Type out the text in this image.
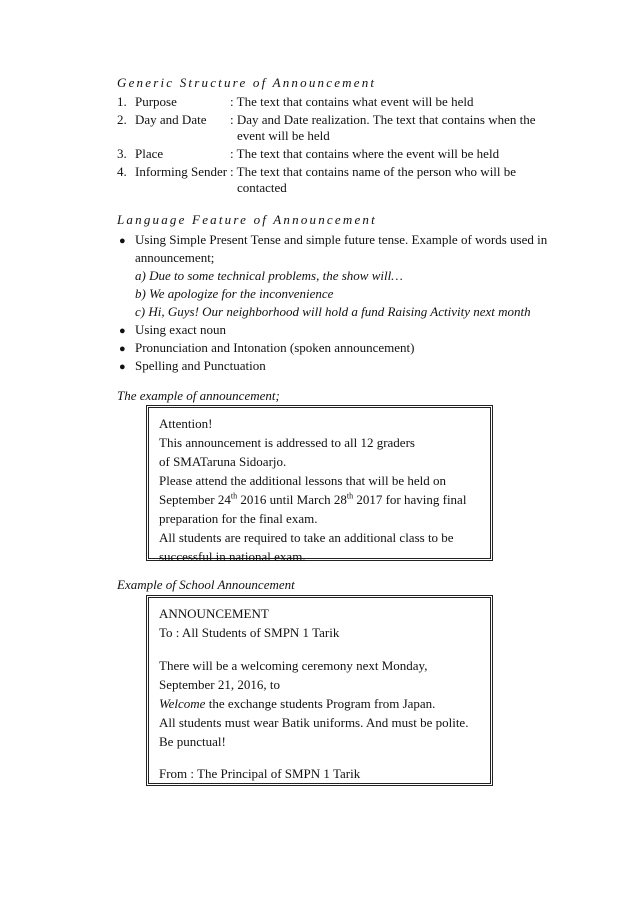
Generic Structure of Announcement
1. Purpose	: The text that contains what event will be held
2. Day and Date : Day and Date realization. The text that contains when the
event will be held
3. Place	: The text that contains where the event will be held
4. Informing Sender : The text that contains name of the person who will be
contacted
Language Feature of Announcement
● Using Simple Present Tense and simple future tense. Example of words used in
announcement;
a) Due to some technical problems, the show will…
b) We apologize for the inconvenience
c) Hi, Guys! Our neighborhood will hold a fund Raising Activity next month
● Using exact noun
● Pronunciation and Intonation (spoken announcement)
● Spelling and Punctuation
The example of announcement;
Attention!
This announcement is addressed to all 12 graders
of SMATaruna Sidoarjo.
Please attend the additional lessons that will be held on
September 24th 2016 until March 28th 2017 for having final
preparation for the final exam.
All students are required to take an additional class to be
successful in national exam.
Example of School Announcement
ANNOUNCEMENT
To : All Students of SMPN 1 Tarik
There will be a welcoming ceremony next Monday,
September 21, 2016, to
Welcome the exchange students Program from Japan.
All students must wear Batik uniforms. And must be polite.
Be punctual!
From : The Principal of SMPN 1 Tarik
